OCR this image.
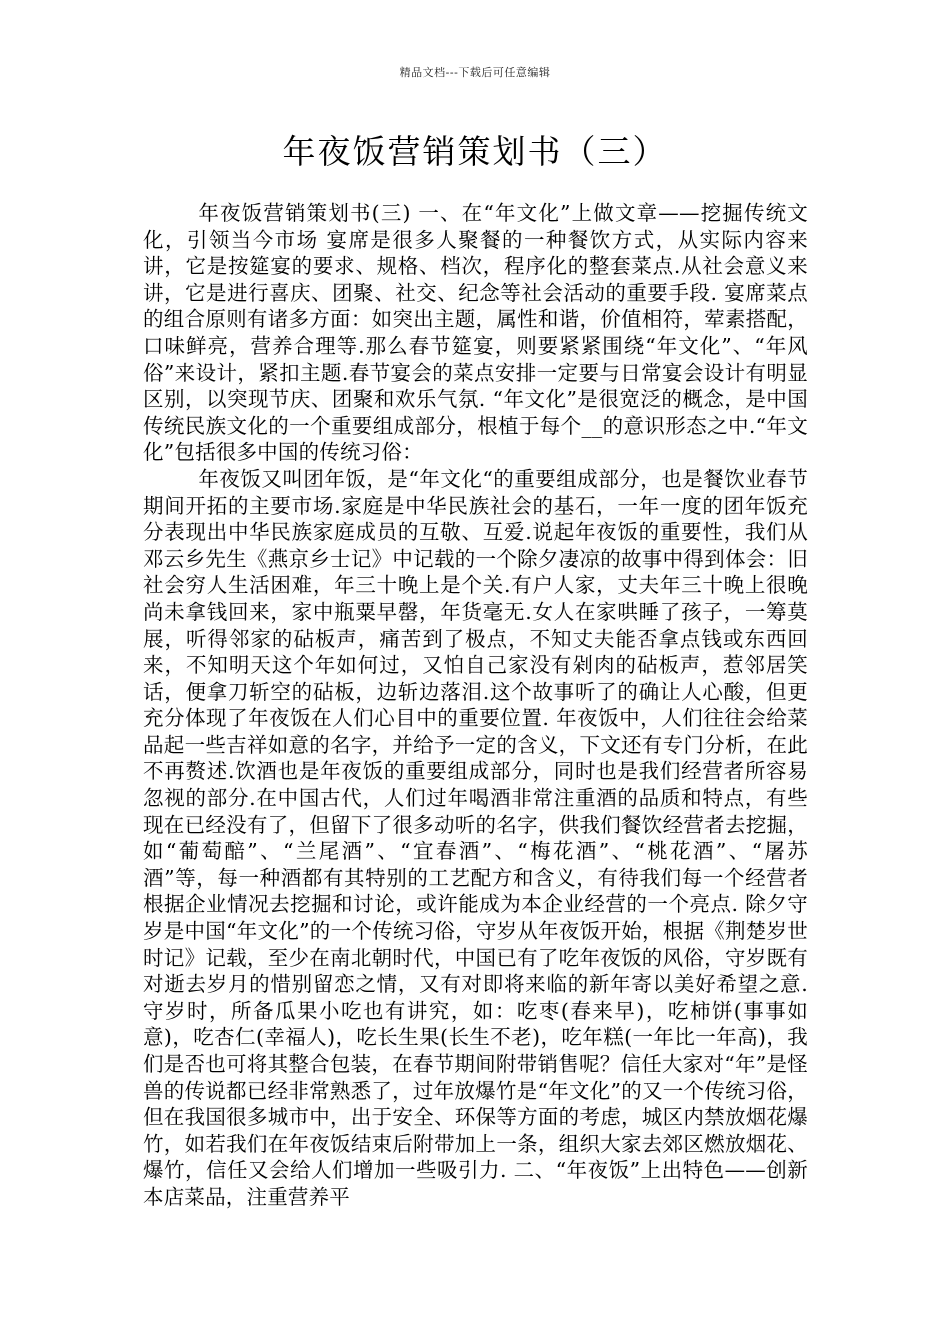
精品文档---下载后可任意编辑
年夜饭营销策划书（三）

年夜饭营销策划书(三) 一、在“年文化”上做文章——挖掘传统文化，引领当今市场 宴席是很多人聚餐的一种餐饮方式，从实际内容来讲，它是按筵宴的要求、规格、档次，程序化的整套菜点.从社会意义来讲，它是进行喜庆、团聚、社交、纪念等社会活动的重要手段. 宴席菜点的组合原则有诸多方面：如突出主题，属性和谐，价值相符，荤素搭配，口味鲜亮，营养合理等.那么春节筵宴，则要紧紧围绕“年文化”、“年风俗”来设计，紧扣主题.春节宴会的菜点安排一定要与日常宴会设计有明显区别，以突现节庆、团聚和欢乐气氛. “年文化”是很宽泛的概念，是中国传统民族文化的一个重要组成部分，根植于每个__的意识形态之中.“年文化”包括很多中国的传统习俗：

年夜饭又叫团年饭，是“年文化“的重要组成部分，也是餐饮业春节期间开拓的主要市场.家庭是中华民族社会的基石，一年一度的团年饭充分表现出中华民族家庭成员的互敬、互爱.说起年夜饭的重要性，我们从邓云乡先生《燕京乡士记》中记载的一个除夕凄凉的故事中得到体会：旧社会穷人生活困难，年三十晚上是个关.有户人家，丈夫年三十晚上很晚尚未拿钱回来，家中瓶粟早罄，年货毫无.女人在家哄睡了孩子，一筹莫展，听得邻家的砧板声，痛苦到了极点，不知丈夫能否拿点钱或东西回来，不知明天这个年如何过，又怕自己家没有剁肉的砧板声，惹邻居笑话，便拿刀斩空的砧板，边斩边落泪.这个故事听了的确让人心酸，但更充分体现了年夜饭在人们心目中的重要位置. 年夜饭中，人们往往会给菜品起一些吉祥如意的名字，并给予一定的含义，下文还有专门分析，在此不再赘述.饮酒也是年夜饭的重要组成部分，同时也是我们经营者所容易忽视的部分.在中国古代，人们过年喝酒非常注重酒的品质和特点，有些现在已经没有了，但留下了很多动听的名字，供我们餐饮经营者去挖掘，如“葡萄醅”、“兰尾酒”、“宜春酒”、“梅花酒”、“桃花酒”、“屠苏酒”等，每一种酒都有其特别的工艺配方和含义，有待我们每一个经营者根据企业情况去挖掘和讨论，或许能成为本企业经营的一个亮点. 除夕守岁是中国“年文化”的一个传统习俗，守岁从年夜饭开始，根据《荆楚岁世时记》记载，至少在南北朝时代，中国已有了吃年夜饭的风俗，守岁既有对逝去岁月的惜别留恋之情，又有对即将来临的新年寄以美好希望之意.守岁时，所备瓜果小吃也有讲究，如：吃枣(春来早)，吃柿饼(事事如意)，吃杏仁(幸福人)，吃长生果(长生不老)，吃年糕(一年比一年高)，我们是否也可将其整合包装，在春节期间附带销售呢？信任大家对“年”是怪兽的传说都已经非常熟悉了，过年放爆竹是“年文化”的又一个传统习俗，但在我国很多城市中，出于安全、环保等方面的考虑，城区内禁放烟花爆竹，如若我们在年夜饭结束后附带加上一条，组织大家去郊区燃放烟花、爆竹，信任又会给人们增加一些吸引力. 二、“年夜饭”上出特色——创新本店菜品，注重营养平
